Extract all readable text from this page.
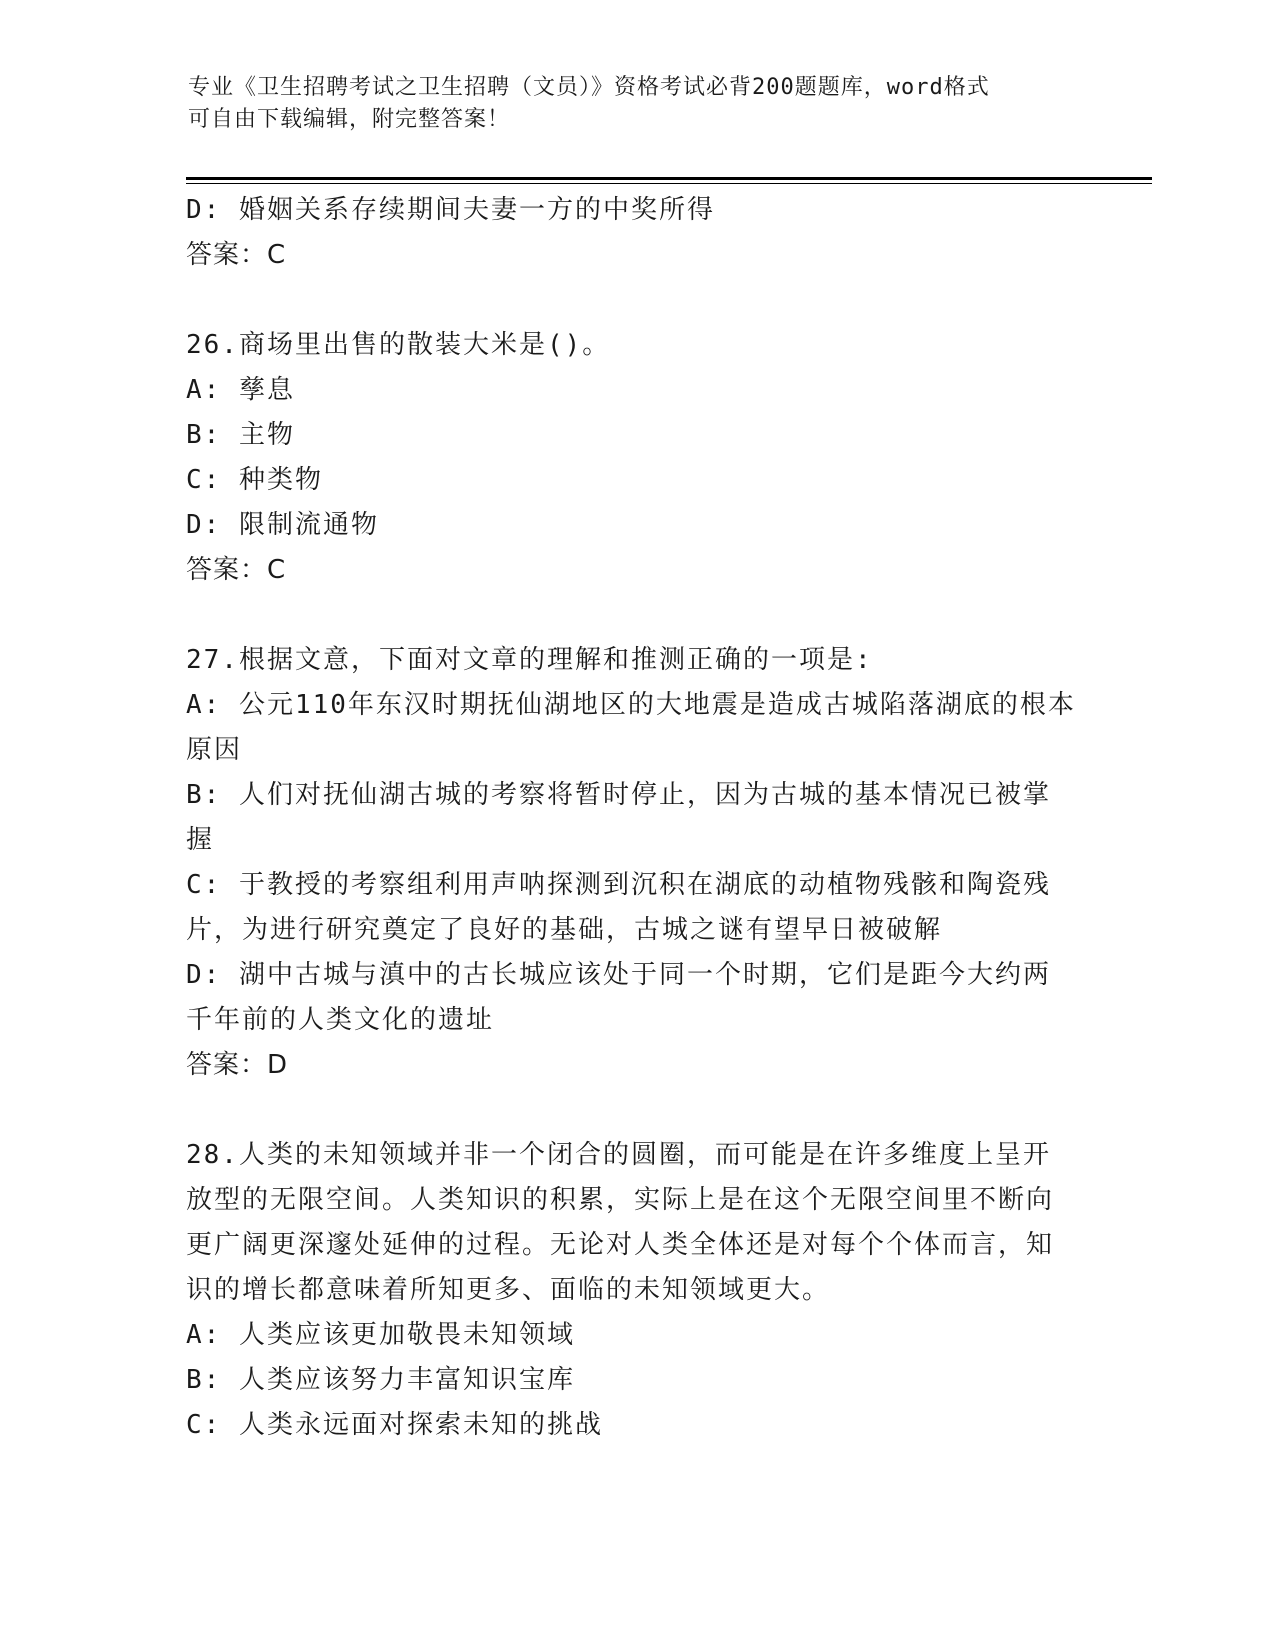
专业《卫生招聘考试之卫生招聘（文员）》资格考试必背200题题库，word格式
可自由下载编辑，附完整答案！

D: 婚姻关系存续期间夫妻一方的中奖所得

答案：C

26.商场里出售的散装大米是()。

A: 孳息

B: 主物

C: 种类物

D: 限制流通物

答案：C

27.根据文意，下面对文章的理解和推测正确的一项是:

A: 公元110年东汉时期抚仙湖地区的大地震是造成古城陷落湖底的根本原因

B: 人们对抚仙湖古城的考察将暂时停止，因为古城的基本情况已被掌握

C: 于教授的考察组利用声呐探测到沉积在湖底的动植物残骸和陶瓷残片，为进行研究奠定了良好的基础，古城之谜有望早日被破解

D: 湖中古城与滇中的古长城应该处于同一个时期，它们是距今大约两千年前的人类文化的遗址

答案：D

28.人类的未知领域并非一个闭合的圆圈，而可能是在许多维度上呈开放型的无限空间。人类知识的积累，实际上是在这个无限空间里不断向更广阔更深邃处延伸的过程。无论对人类全体还是对每个个体而言，知识的增长都意味着所知更多、面临的未知领域更大。

A: 人类应该更加敬畏未知领域

B: 人类应该努力丰富知识宝库

C: 人类永远面对探索未知的挑战
